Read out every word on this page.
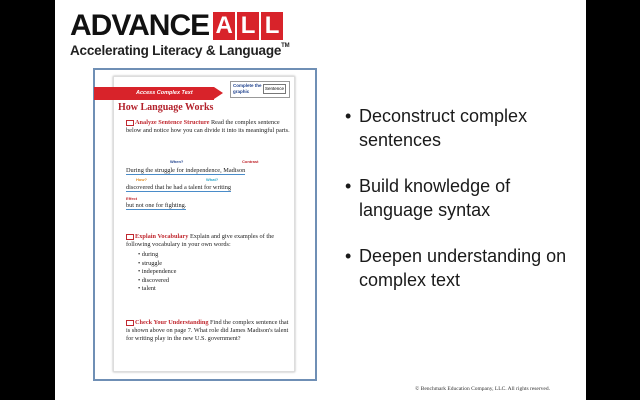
ADVANCE A L L
Accelerating Literacy & Language™
Access Complex Text
Complete the graphic
Sentence
How Language Works
Analyze Sentence Structure Read the complex sentence below and notice how you can divide it into its meaningful parts.
When?	Contrast
During the struggle for independence, Madison
How?	What?
discovered that he had a talent for writing
Effect
but not one for fighting.
Explain Vocabulary Explain and give examples of the following vocabulary in your own words:
• during
• struggle
• independence
• discovered
• talent
Check Your Understanding Find the complex sentence that is shown above on page 7. What role did James Madison's talent for writing play in the new U.S. government?
• Deconstruct complex sentences
• Build knowledge of language syntax
• Deepen understanding on complex text
© Benchmark Education Company, LLC. All rights reserved.
